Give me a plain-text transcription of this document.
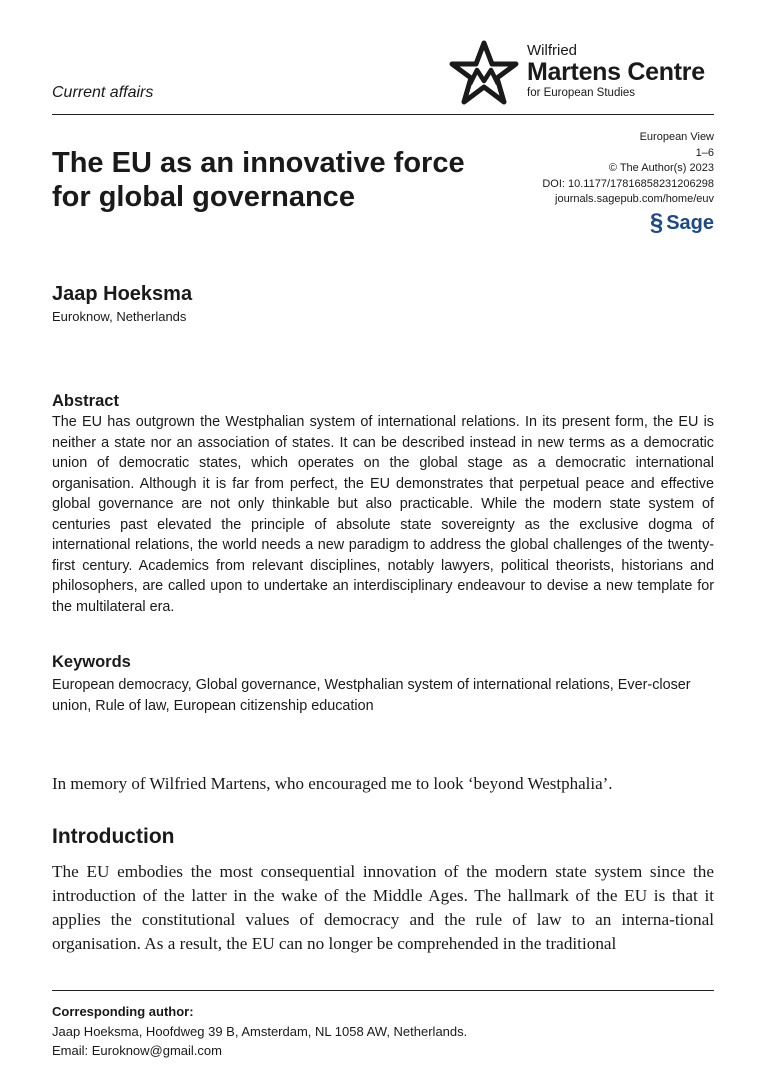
Wilfried
Martens Centre
for European Studies
Current affairs
European View
1–6
© The Author(s) 2023
DOI: 10.1177/17816858231206298
journals.sagepub.com/home/euv
§ Sage
The EU as an innovative force for global governance
Jaap Hoeksma
Euroknow, Netherlands
Abstract
The EU has outgrown the Westphalian system of international relations. In its present form, the EU is neither a state nor an association of states. It can be described instead in new terms as a democratic union of democratic states, which operates on the global stage as a democratic international organisation. Although it is far from perfect, the EU demonstrates that perpetual peace and effective global governance are not only thinkable but also practicable. While the modern state system of centuries past elevated the principle of absolute state sovereignty as the exclusive dogma of international relations, the world needs a new paradigm to address the global challenges of the twenty-first century. Academics from relevant disciplines, notably lawyers, political theorists, historians and philosophers, are called upon to undertake an interdisciplinary endeavour to devise a new template for the multilateral era.
Keywords
European democracy, Global governance, Westphalian system of international relations, Ever-closer union, Rule of law, European citizenship education
In memory of Wilfried Martens, who encouraged me to look ‘beyond Westphalia’.
Introduction
The EU embodies the most consequential innovation of the modern state system since the introduction of the latter in the wake of the Middle Ages. The hallmark of the EU is that it applies the constitutional values of democracy and the rule of law to an interna-tional organisation. As a result, the EU can no longer be comprehended in the traditional
Corresponding author:
Jaap Hoeksma, Hoofdweg 39 B, Amsterdam, NL 1058 AW, Netherlands.
Email: Euroknow@gmail.com
